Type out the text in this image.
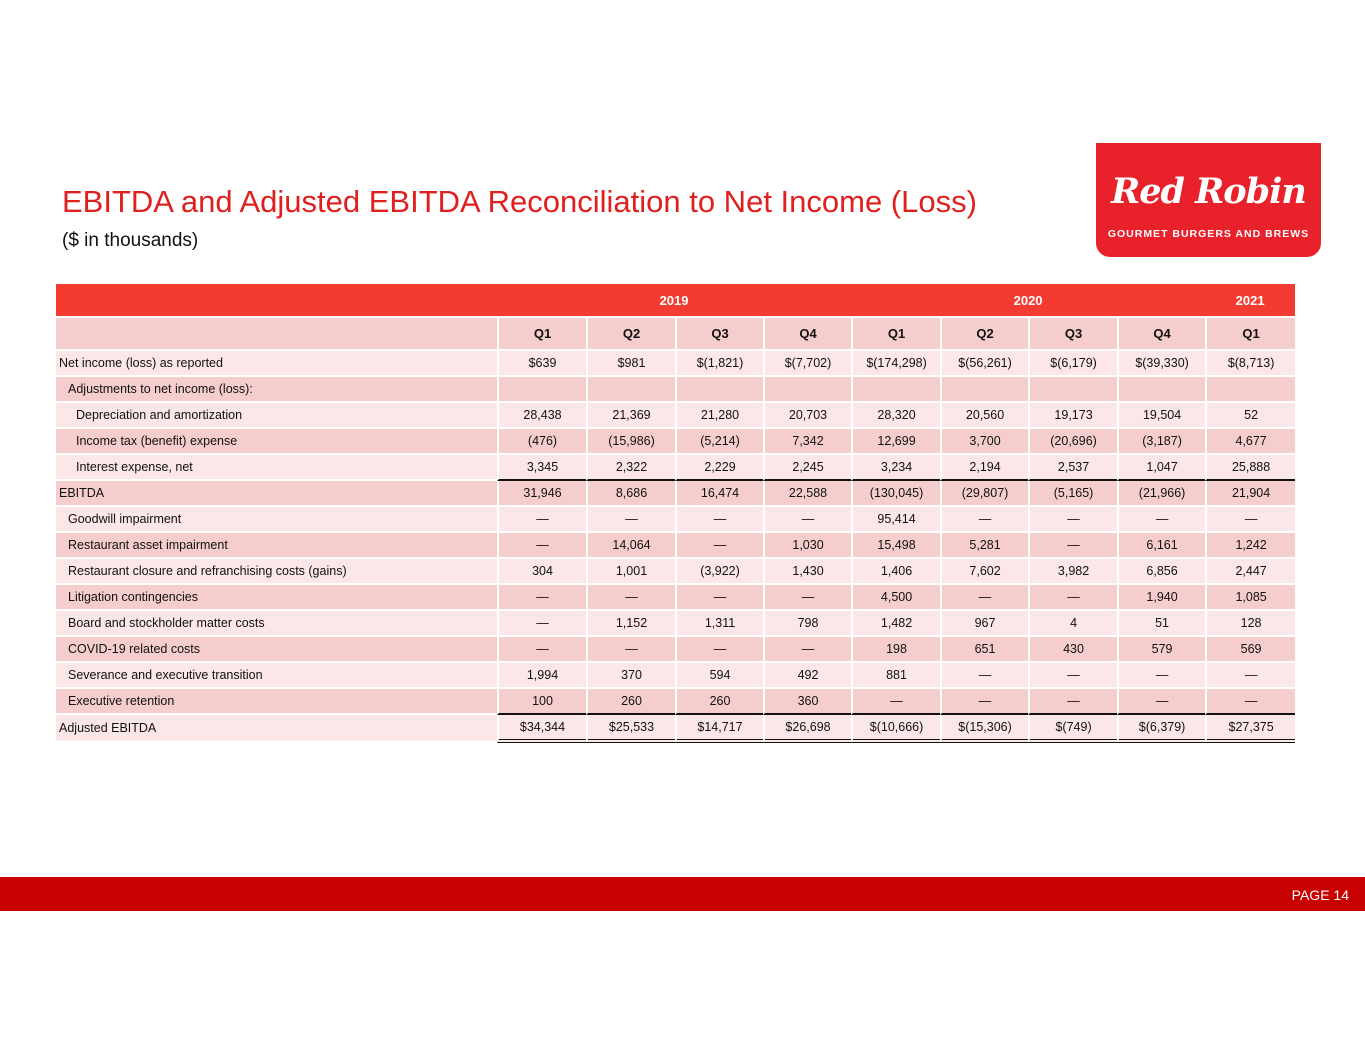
EBITDA and Adjusted EBITDA Reconciliation to Net Income (Loss)
($ in thousands)
Red Robin
GOURMET BURGERS AND BREWS
	2019				2020				2021
	Q1	Q2	Q3	Q4	Q1	Q2	Q3	Q4	Q1
Net income (loss) as reported	$639	$981	$(1,821)	$(7,702)	$(174,298)	$(56,261)	$(6,179)	$(39,330)	$(8,713)
Adjustments to net income (loss):									
Depreciation and amortization	28,438	21,369	21,280	20,703	28,320	20,560	19,173	19,504	52
Income tax (benefit) expense	(476)	(15,986)	(5,214)	7,342	12,699	3,700	(20,696)	(3,187)	4,677
Interest expense, net	3,345	2,322	2,229	2,245	3,234	2,194	2,537	1,047	25,888
EBITDA	31,946	8,686	16,474	22,588	(130,045)	(29,807)	(5,165)	(21,966)	21,904
Goodwill impairment	—	—	—	—	95,414	—	—	—	—
Restaurant asset impairment	—	14,064	—	1,030	15,498	5,281	—	6,161	1,242
Restaurant closure and refranchising costs (gains)	304	1,001	(3,922)	1,430	1,406	7,602	3,982	6,856	2,447
Litigation contingencies	—	—	—	—	4,500	—	—	1,940	1,085
Board and stockholder matter costs	—	1,152	1,311	798	1,482	967	4	51	128
COVID-19 related costs	—	—	—	—	198	651	430	579	569
Severance and executive transition	1,994	370	594	492	881	—	—	—	—
Executive retention	100	260	260	360	—	—	—	—	—
Adjusted EBITDA	$34,344	$25,533	$14,717	$26,698	$(10,666)	$(15,306)	$(749)	$(6,379)	$27,375
PAGE 14
